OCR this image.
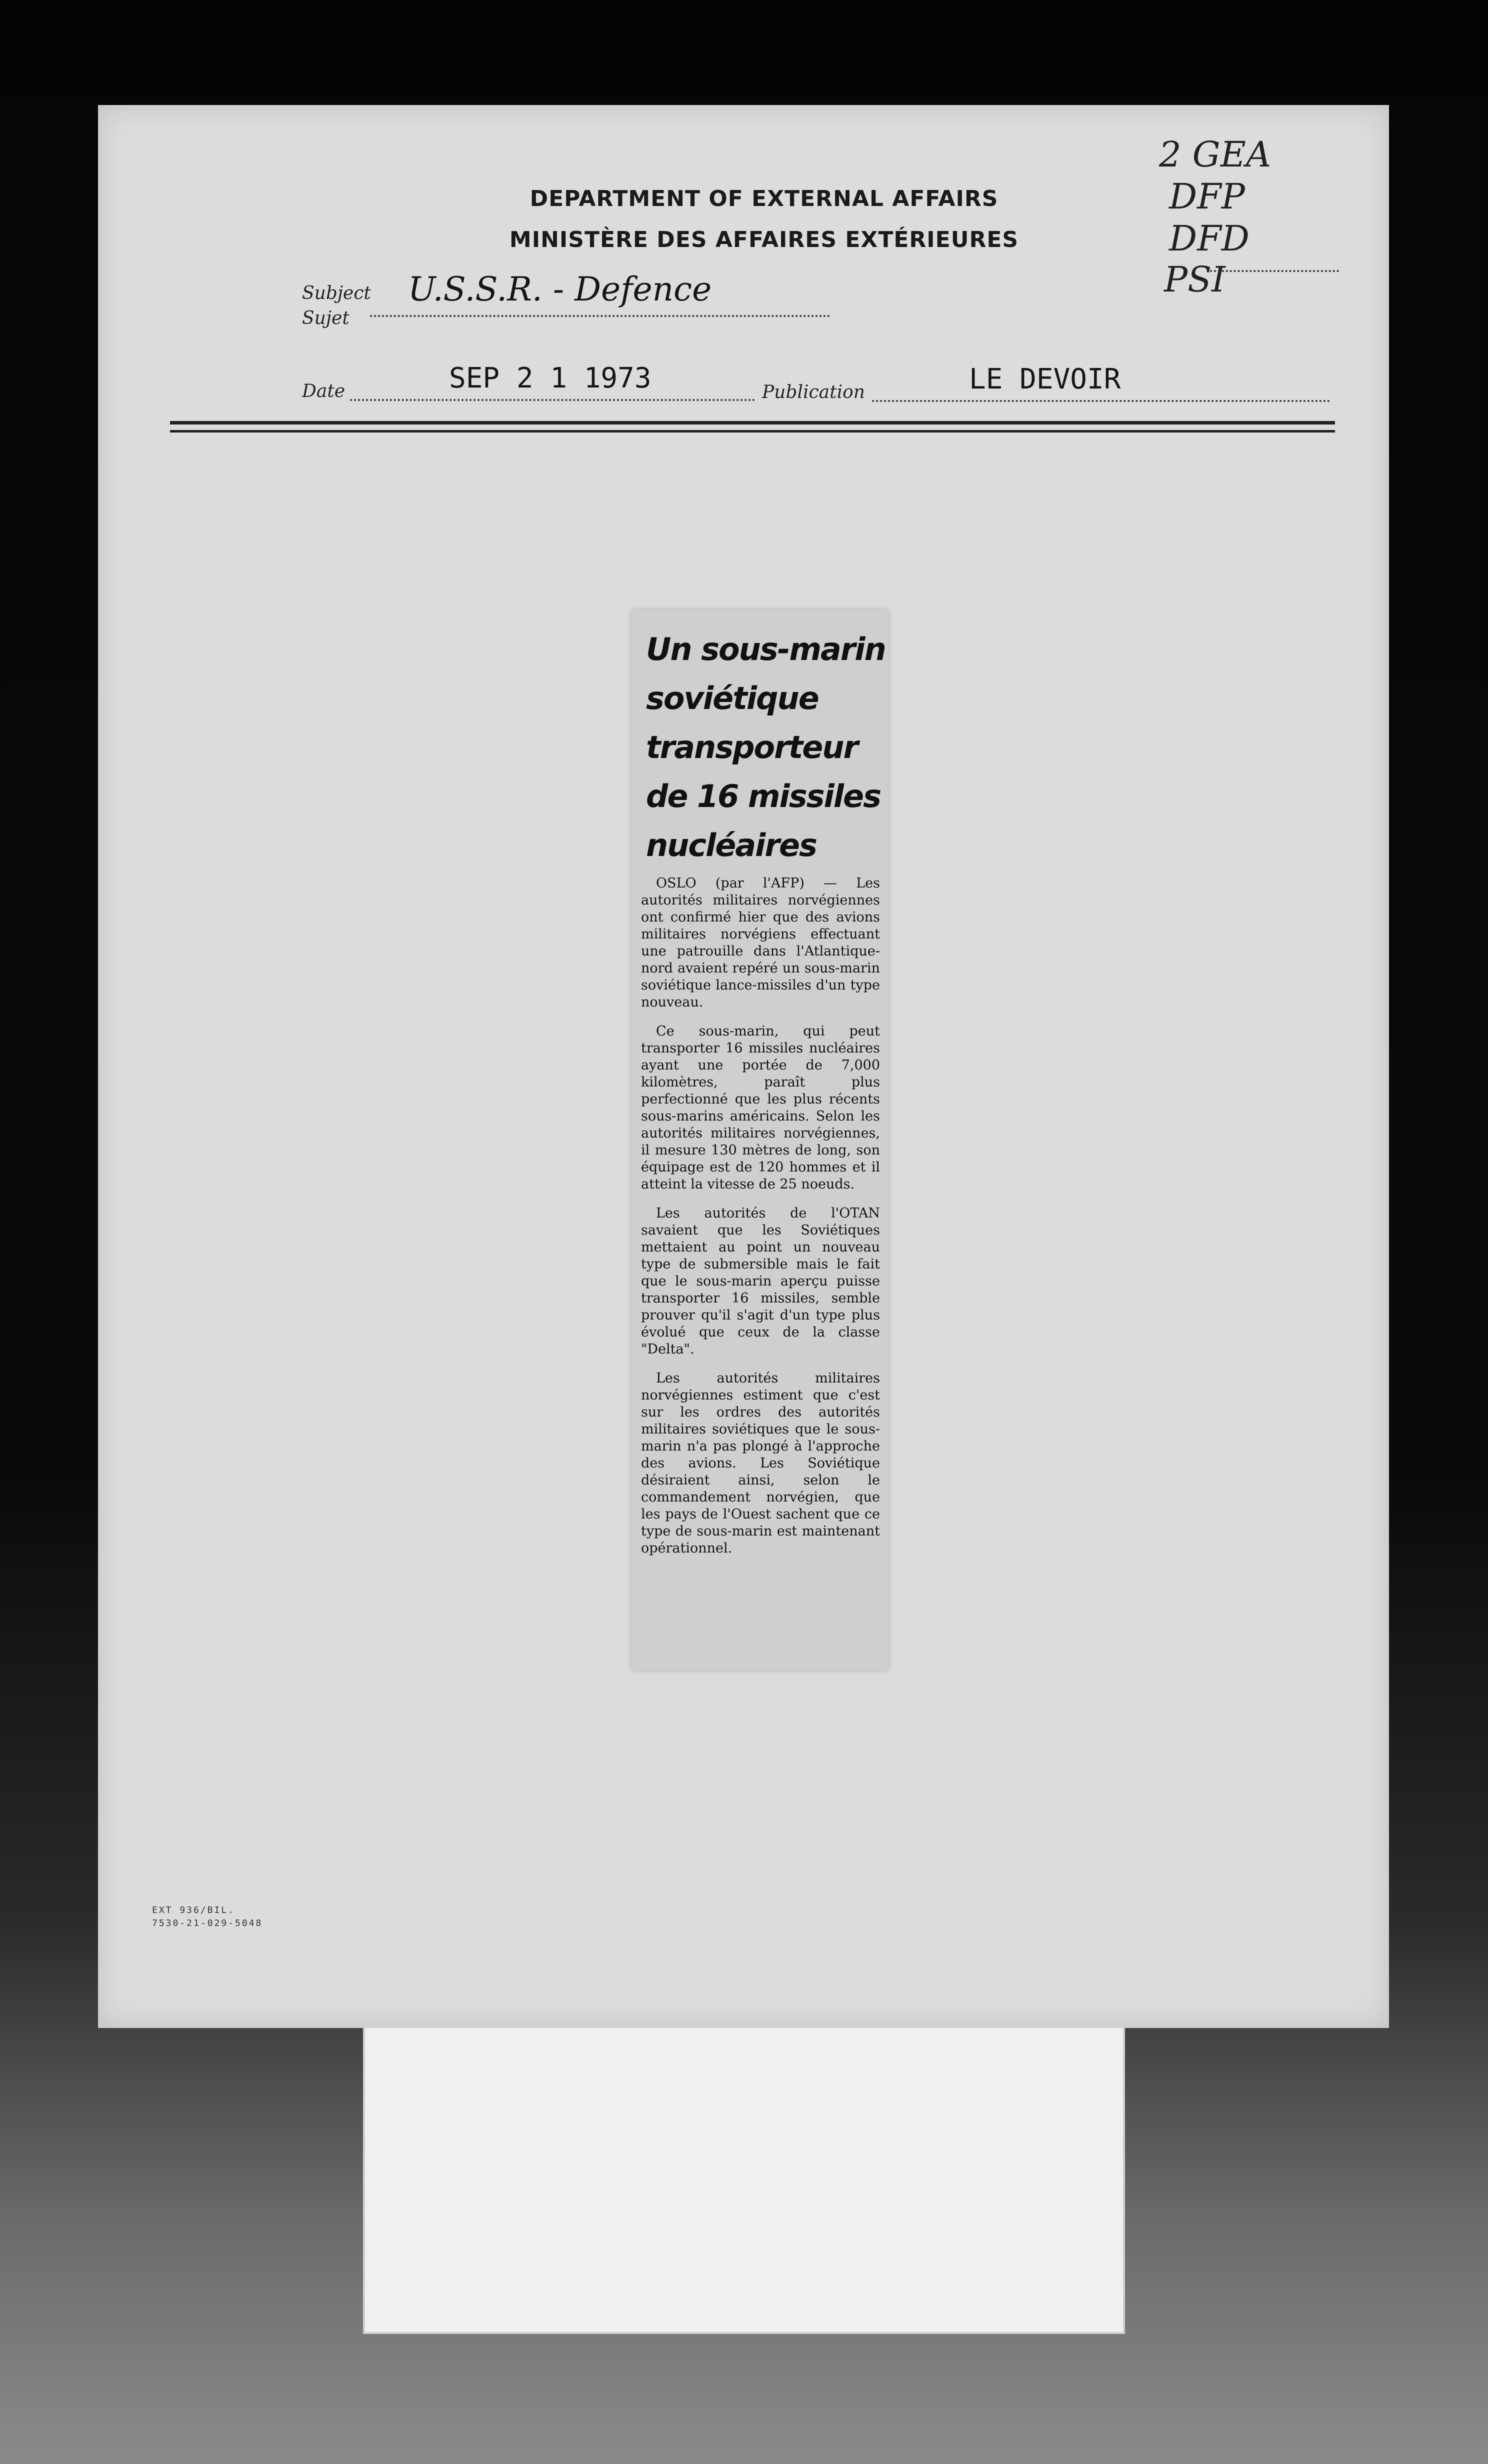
DEPARTMENT OF EXTERNAL AFFAIRS
MINISTÈRE DES AFFAIRES EXTÉRIEURES
2 GEA
DFP
DFD
PSI
Subject
Sujet
U.S.S.R. - Defence
Date	SEP 2 1 1973	Publication	LE DEVOIR
Un sous-marin
soviétique
transporteur
de 16 missiles
nucléaires

OSLO (par l'AFP) — Les autorités militaires norvégiennes ont confirmé hier que des avions militaires norvégiens effectuant une patrouille dans l'Atlantique-nord avaient repéré un sous-marin soviétique lance-missiles d'un type nouveau.

Ce sous-marin, qui peut transporter 16 missiles nucléaires ayant une portée de 7,000 kilomètres, paraît plus perfectionné que les plus récents sous-marins américains. Selon les autorités militaires norvégiennes, il mesure 130 mètres de long, son équipage est de 120 hommes et il atteint la vitesse de 25 noeuds.

Les autorités de l'OTAN savaient que les Soviétiques mettaient au point un nouveau type de submersible mais le fait que le sous-marin aperçu puisse transporter 16 missiles, semble prouver qu'il s'agit d'un type plus évolué que ceux de la classe "Delta".

Les autorités militaires norvégiennes estiment que c'est sur les ordres des autorités militaires soviétiques que le sous-marin n'a pas plongé à l'approche des avions. Les Soviétique désiraient ainsi, selon le commandement norvégien, que les pays de l'Ouest sachent que ce type de sous-marin est maintenant opérationnel.

EXT 936/BIL.
7530-21-029-5048
